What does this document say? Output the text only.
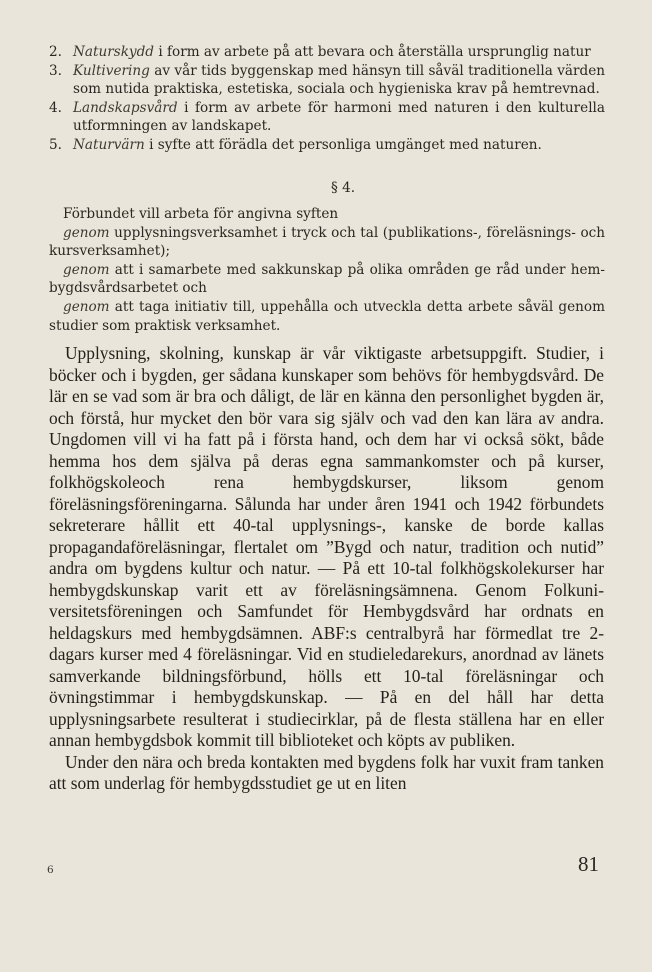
2. Naturskydd i form av arbete på att bevara och återställa ursprunglig natur
3. Kultivering av vår tids byggenskap med hänsyn till såväl traditionella värden som nutida praktiska, estetiska, sociala och hygieniska krav på hemtrevnad.
4. Landskapsvård i form av arbete för harmoni med naturen i den kulturella utformningen av landskapet.
5. Naturvärn i syfte att förädla det personliga umgänget med naturen.
§ 4.

Förbundet vill arbeta för angivna syften

genom upplysningsverksamhet i tryck och tal (publikations-, föreläsnings- och kursverksamhet);

genom att i samarbete med sakkunskap på olika områden ge råd under hembygdsvårdsarbetet och

genom att taga initiativ till, uppehålla och utveckla detta arbete såväl genom studier som praktisk verksamhet.

Upplysning, skolning, kunskap är vår viktigaste arbetsuppgift. Studier, i böcker och i bygden, ger sådana kunskaper som behövs för hembygdsvård. De lär en se vad som är bra och dåligt, de lär en känna den personlighet bygden är, och förstå, hur mycket den bör vara sig själv och vad den kan lära av andra. Ungdomen vill vi ha fatt på i första hand, och dem har vi också sökt, både hemma hos dem själva på deras egna sammankomster och på kurser, folkhögskoleoch rena hembygdskurser, liksom genom föreläsningsföreningarna. Sålunda har under åren 1941 och 1942 förbundets sekreterare hållit ett 40-tal upplysnings-, kanske de borde kallas propagandaföreläsningar, flertalet om ”Bygd och natur, tradition och nutid” andra om bygdens kultur och natur. — På ett 10-tal folkhögskolekurser har hembygdskunskap varit ett av föreläsningsämnena. Genom Folkuniversitetsföreningen och Samfundet för Hembygdsvård har ordnats en heldagskurs med hembygdsämnen. ABF:s centralbyrå har förmedlat tre 2-dagars kurser med 4 föreläsningar. Vid en studieledarekurs, anordnad av länets samverkande bildningsförbund, hölls ett 10-tal föreläsningar och övningstimmar i hembygdskunskap. — På en del håll har detta upplysningsarbete resulterat i studiecirklar, på de flesta ställena har en eller annan hembygdsbok kommit till biblioteket och köpts av publiken.

Under den nära och breda kontakten med bygdens folk har vuxit fram tanken att som underlag för hembygdsstudiet ge ut en liten

6	81
